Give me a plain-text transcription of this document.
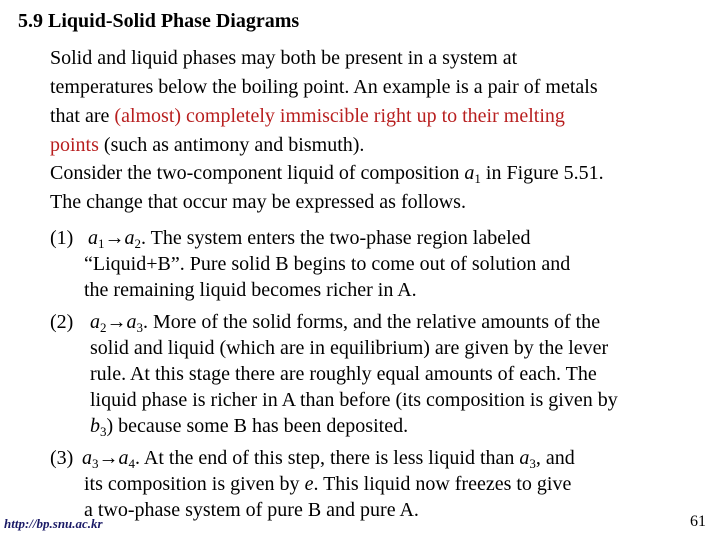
5.9 Liquid-Solid Phase Diagrams
Solid and liquid phases may both be present in a system at
temperatures below the boiling point. An example is a pair of metals
that are (almost) completely immiscible right up to their melting
points (such as antimony and bismuth).
Consider the two-component liquid of composition $a_1$ in Figure 5.51.
The change that occur may be expressed as follows.
(1) $a_1\to a_2$. The system enters the two-phase region labeled
“Liquid+B”. Pure solid B begins to come out of solution and
the remaining liquid becomes richer in A.
(2) $a_2\to a_3$. More of the solid forms, and the relative amounts of the
solid and liquid (which are in equilibrium) are given by the lever
rule. At this stage there are roughly equal amounts of each. The
liquid phase is richer in A than before (its composition is given by
$b_3$) because some B has been deposited.
(3) $a_3\to a_4$. At the end of this step, there is less liquid than $a_3$, and
its composition is given by e. This liquid now freezes to give
a two-phase system of pure B and pure A.
http://bp.snu.ac.kr	61
